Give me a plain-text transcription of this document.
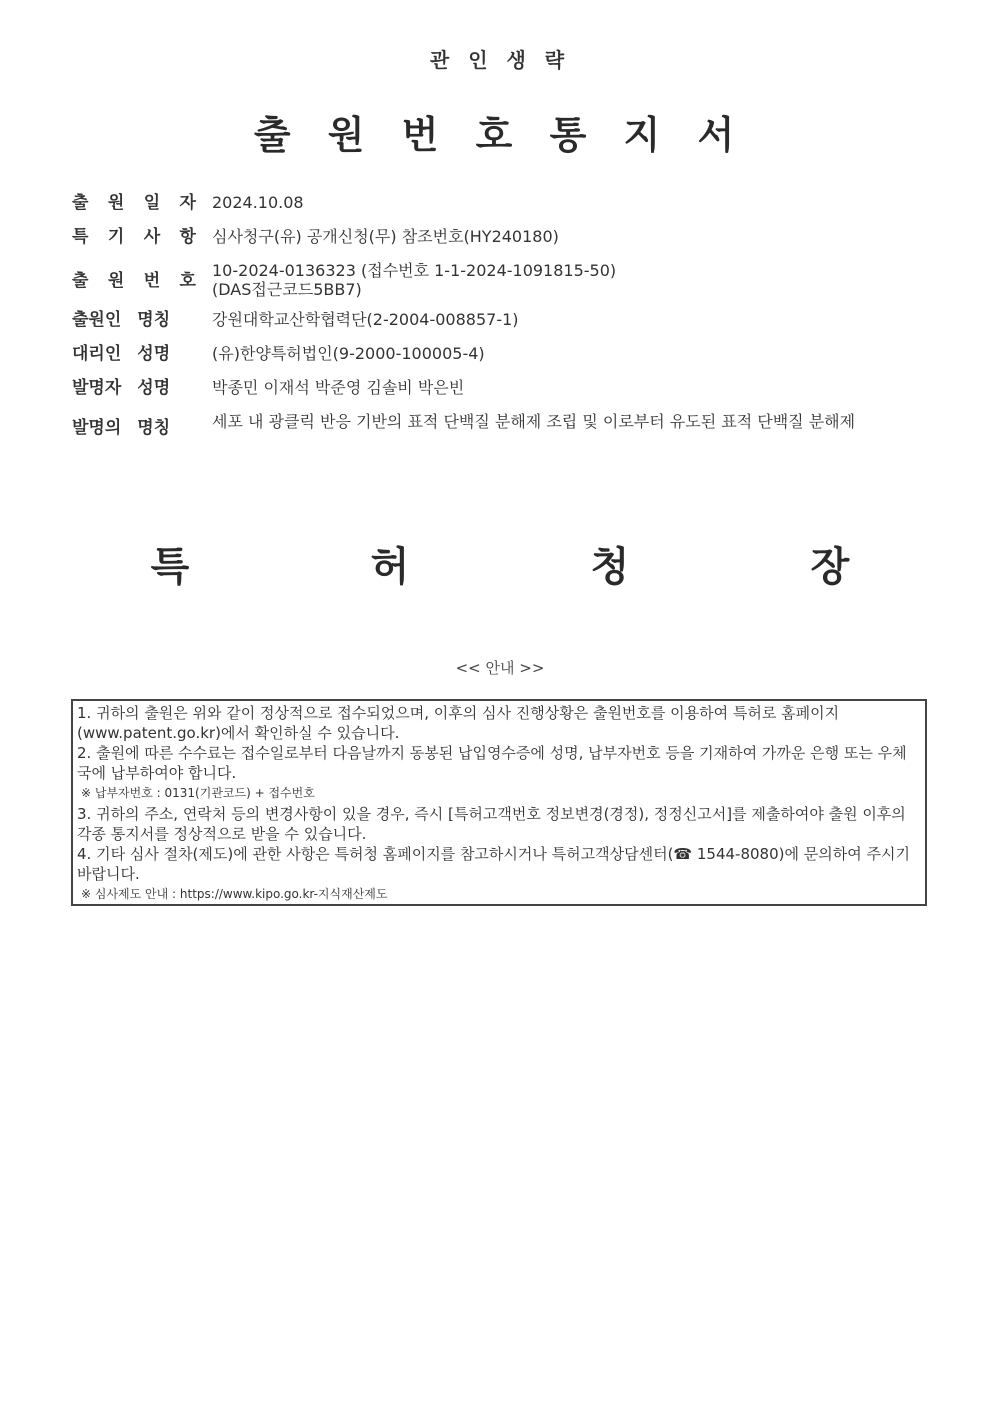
관 인 생 략
출 원 번 호 통 지 서
출 원 일 자 2024.10.08
특 기 사 항 심사청구(유) 공개신청(무) 참조번호(HY240180)
출 원 번 호
10-2024-0136323 (접수번호 1-1-2024-1091815-50)
(DAS접근코드5BB7)
출원인 명칭	강원대학교산학협력단(2-2004-008857-1)
대리인 성명	(유)한양특허법인(9-2000-100005-4)
발명자 성명	박종민 이재석 박준영 김솔비 박은빈
발명의 명칭	세포 내 광클릭 반응 기반의 표적 단백질 분해제 조립 및 이로부터 유도된 표적 단백질 분해제
특	허	청	장
<< 안내 >>

1. 귀하의 출원은 위와 같이 정상적으로 접수되었으며, 이후의 심사 진행상황은 출원번호를 이용하여 특허로 홈페이지(www.patent.go.kr)에서 확인하실 수 있습니다.

2. 출원에 따른 수수료는 접수일로부터 다음날까지 동봉된 납입영수증에 성명, 납부자번호 등을 기재하여 가까운 은행 또는 우체국에 납부하여야 합니다.

※ 납부자번호 : 0131(기관코드) + 접수번호

3. 귀하의 주소, 연락처 등의 변경사항이 있을 경우, 즉시 [특허고객번호 정보변경(경정), 정정신고서]를 제출하여야 출원 이후의 각종 통지서를 정상적으로 받을 수 있습니다.

4. 기타 심사 절차(제도)에 관한 사항은 특허청 홈페이지를 참고하시거나 특허고객상담센터(☎ 1544-8080)에 문의하여 주시기 바랍니다.

※ 심사제도 안내 : https://www.kipo.go.kr-지식재산제도
